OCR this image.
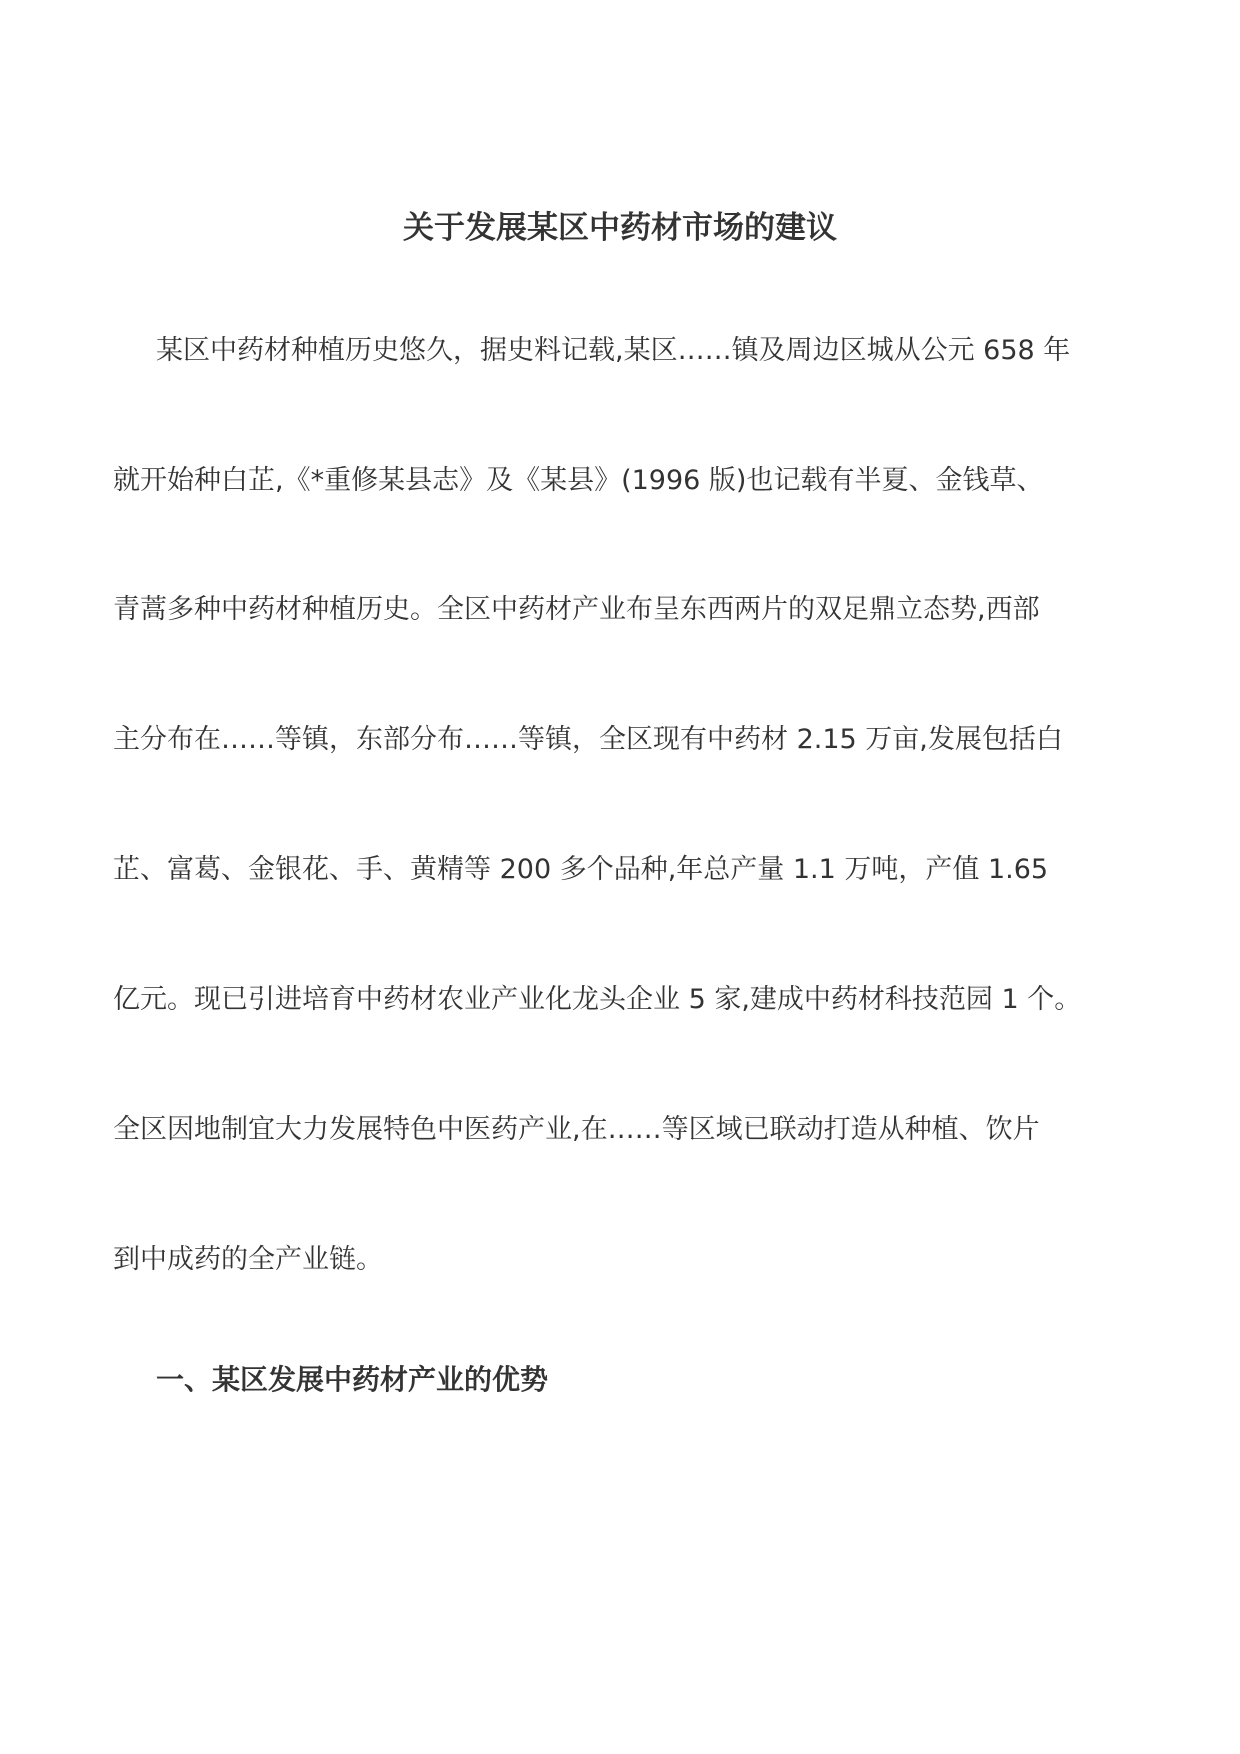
关于发展某区中药材市场的建议
某区中药材种植历史悠久，据史料记载,某区……镇及周边区城从公元 658 年
就开始种白芷,《*重修某县志》及《某县》(1996 版)也记载有半夏、金钱草、
青蒿多种中药材种植历史。全区中药材产业布呈东西两片的双足鼎立态势,西部
主分布在……等镇，东部分布……等镇，全区现有中药材 2.15 万亩,发展包括白
芷、富葛、金银花、手、黄精等 200 多个品种,年总产量 1.1 万吨，产值 1.65
亿元。现已引进培育中药材农业产业化龙头企业 5 家,建成中药材科技范园 1 个。
全区因地制宜大力发展特色中医药产业,在……等区域已联动打造从种植、饮片
到中成药的全产业链。
一、某区发展中药材产业的优势
